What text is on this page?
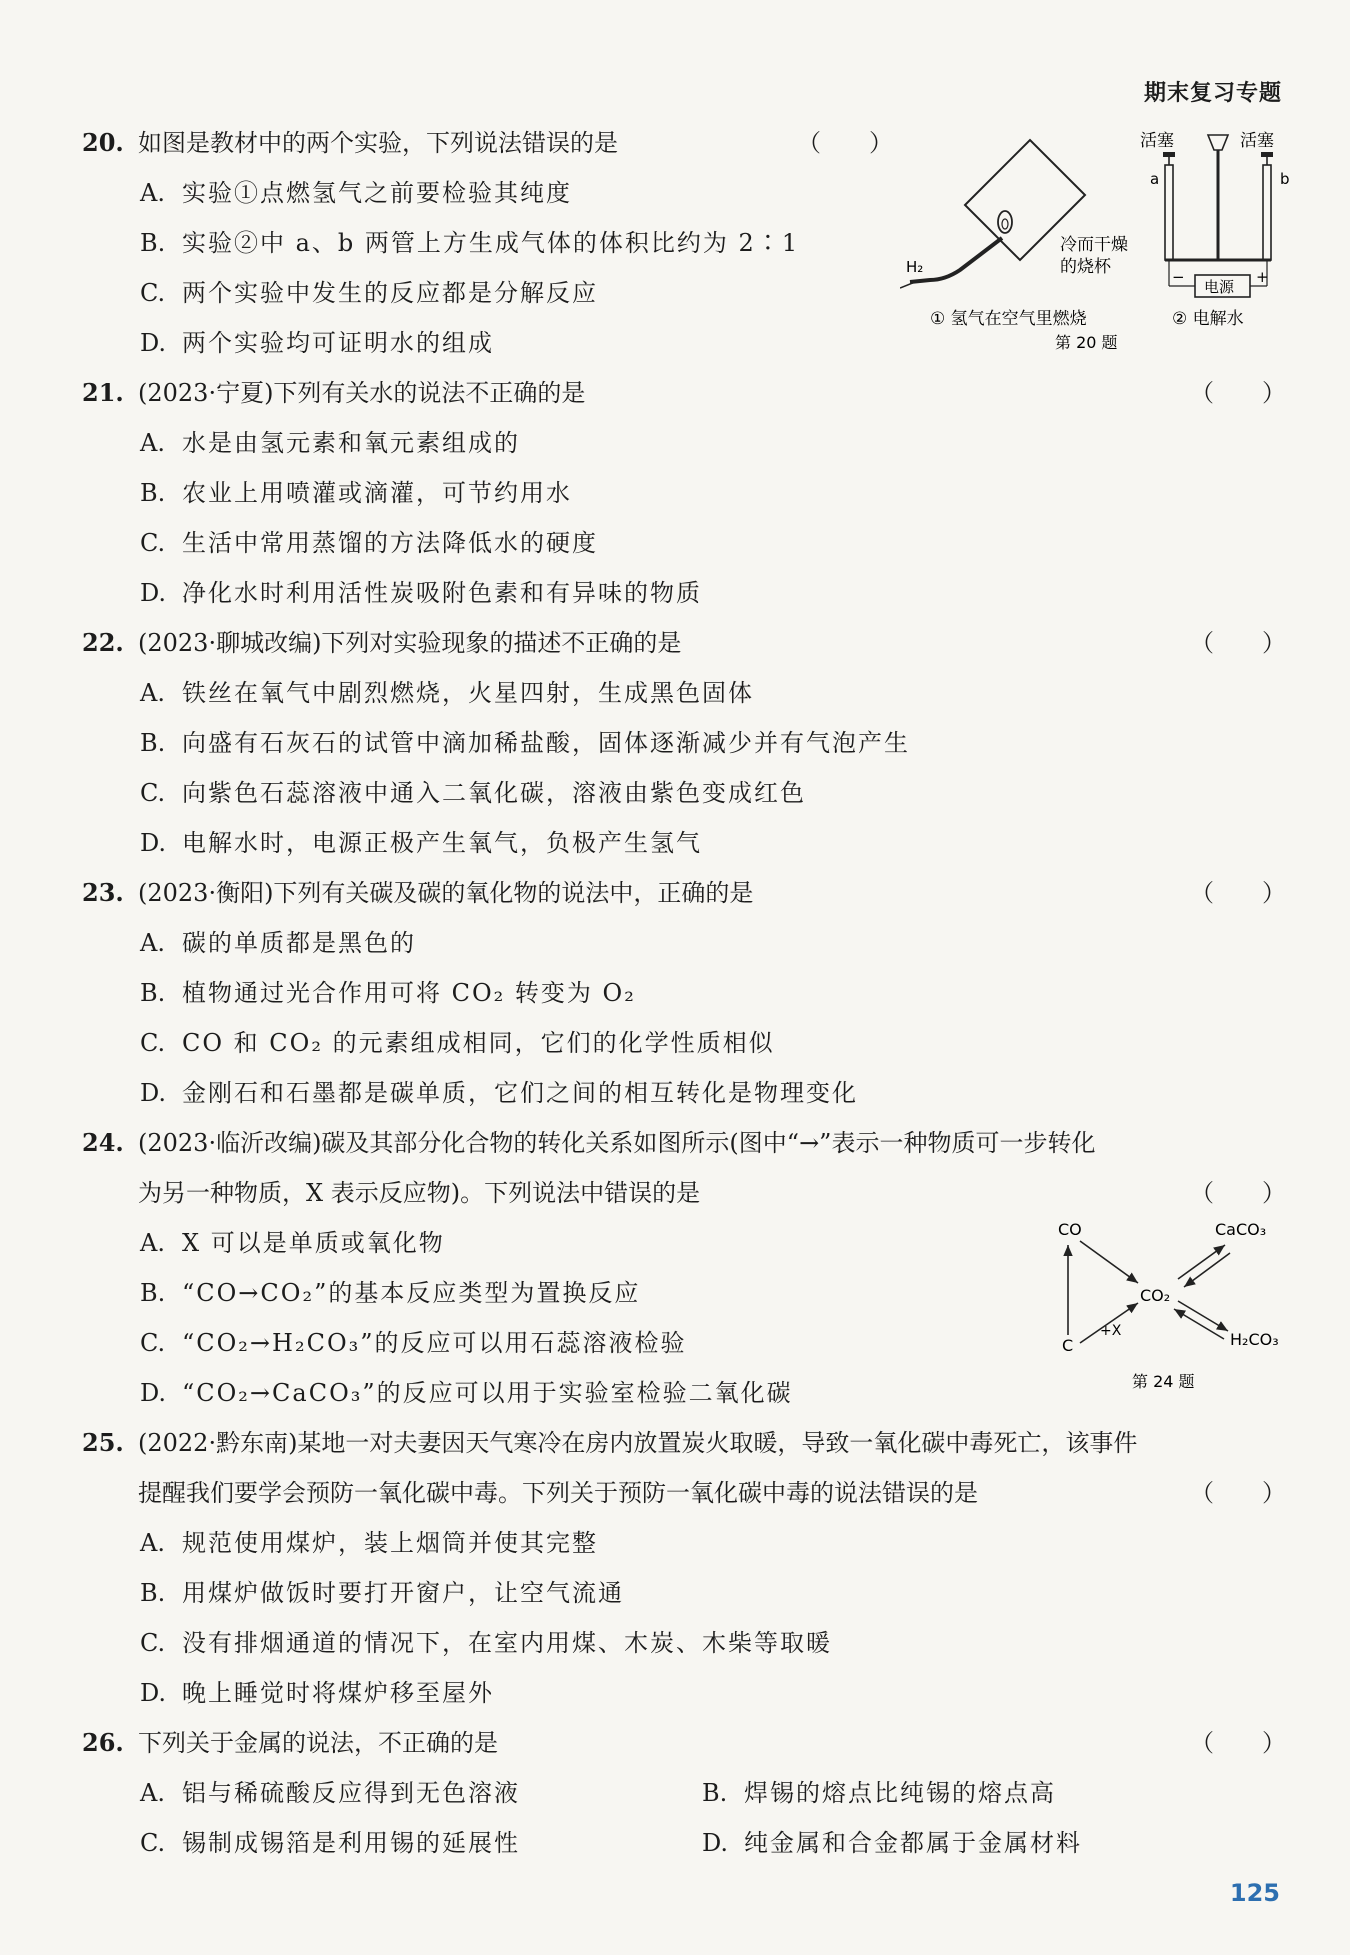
期末复习专题
20. 如图是教材中的两个实验，下列说法错误的是	（　　）
A. 实验①点燃氢气之前要检验其纯度
B. 实验②中 a、b 两管上方生成气体的体积比约为 2∶1
C. 两个实验中发生的反应都是分解反应
D. 两个实验均可证明水的组成
H₂
冷而干燥
的烧杯
① 氢气在空气里燃烧
第 20 题
活塞	活塞
a	b
电源
−	+
② 电解水
21. (2023·宁夏)下列有关水的说法不正确的是	（　　）
A. 水是由氢元素和氧元素组成的
B. 农业上用喷灌或滴灌，可节约用水
C. 生活中常用蒸馏的方法降低水的硬度
D. 净化水时利用活性炭吸附色素和有异味的物质
22. (2023·聊城改编)下列对实验现象的描述不正确的是	（　　）
A. 铁丝在氧气中剧烈燃烧，火星四射，生成黑色固体
B. 向盛有石灰石的试管中滴加稀盐酸，固体逐渐减少并有气泡产生
C. 向紫色石蕊溶液中通入二氧化碳，溶液由紫色变成红色
D. 电解水时，电源正极产生氧气，负极产生氢气
23. (2023·衡阳)下列有关碳及碳的氧化物的说法中，正确的是	（　　）
A. 碳的单质都是黑色的
B. 植物通过光合作用可将 CO₂ 转变为 O₂
C. CO 和 CO₂ 的元素组成相同，它们的化学性质相似
D. 金刚石和石墨都是碳单质，它们之间的相互转化是物理变化
24. (2023·临沂改编)碳及其部分化合物的转化关系如图所示(图中“→”表示一种物质可一步转化
为另一种物质，X 表示反应物)。下列说法中错误的是	（　　）
A. X 可以是单质或氧化物
B. “CO→CO₂”的基本反应类型为置换反应
C. “CO₂→H₂CO₃”的反应可以用石蕊溶液检验
D. “CO₂→CaCO₃”的反应可以用于实验室检验二氧化碳
CO	CaCO₃
CO₂
C	H₂CO₃
+X
第 24 题
25. (2022·黔东南)某地一对夫妻因天气寒冷在房内放置炭火取暖，导致一氧化碳中毒死亡，该事件
提醒我们要学会预防一氧化碳中毒。下列关于预防一氧化碳中毒的说法错误的是	（　　）
A. 规范使用煤炉，装上烟筒并使其完整
B. 用煤炉做饭时要打开窗户，让空气流通
C. 没有排烟通道的情况下，在室内用煤、木炭、木柴等取暖
D. 晚上睡觉时将煤炉移至屋外
26. 下列关于金属的说法，不正确的是	（　　）
A. 铝与稀硫酸反应得到无色溶液	B. 焊锡的熔点比纯锡的熔点高
C. 锡制成锡箔是利用锡的延展性	D. 纯金属和合金都属于金属材料
125
